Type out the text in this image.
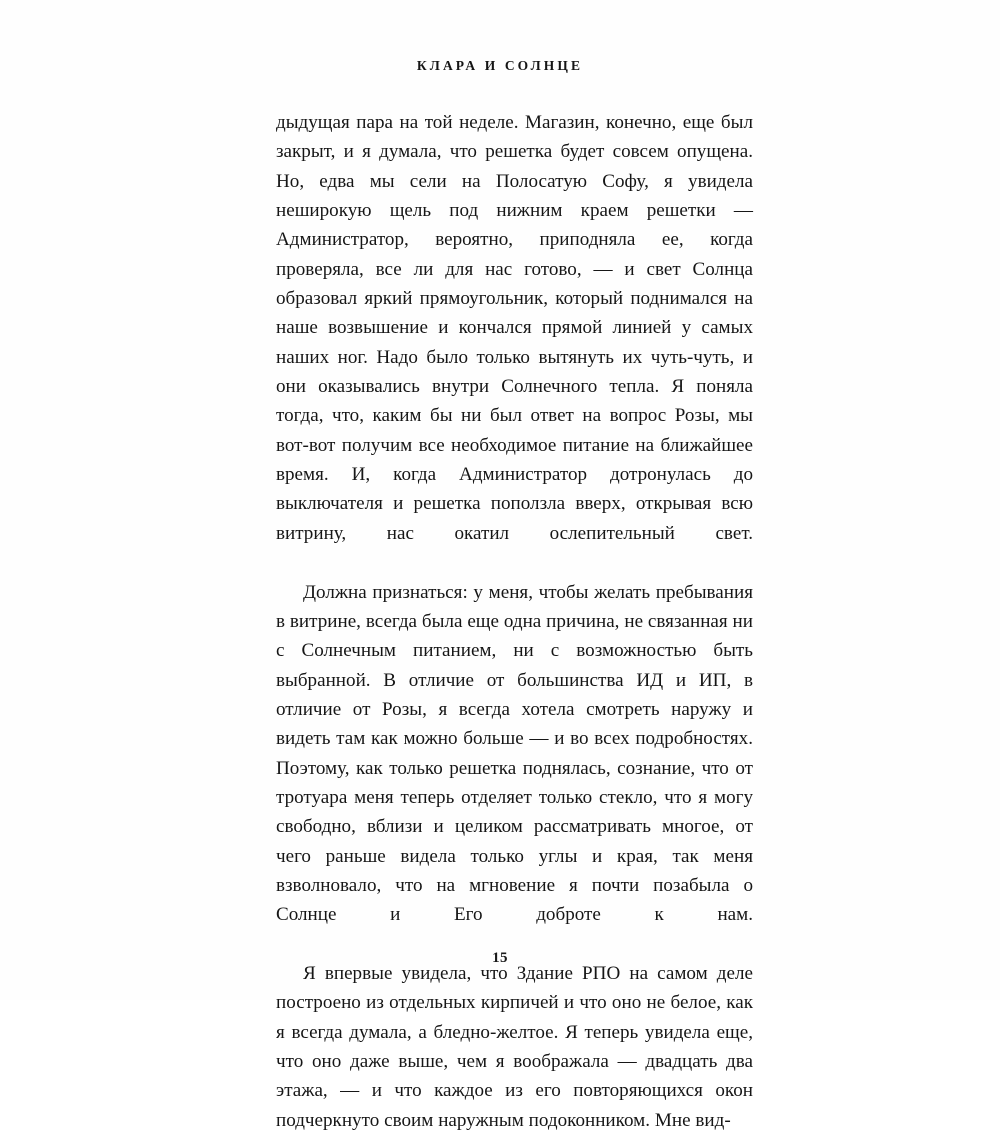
КЛАРА И СОЛНЦЕ

дыдущая пара на той неделе. Магазин, конечно, еще был закрыт, и я думала, что решетка будет совсем опущена. Но, едва мы сели на Полосатую Софу, я увидела неширокую щель под нижним краем решетки — Администратор, вероятно, приподняла ее, когда проверяла, все ли для нас готово, — и свет Солнца образовал яркий прямоугольник, который поднимался на наше возвышение и кончался прямой линией у самых наших ног. Надо было только вытянуть их чуть-чуть, и они оказывались внутри Солнечного тепла. Я поняла тогда, что, каким бы ни был ответ на вопрос Розы, мы вот-вот получим все необходимое питание на ближайшее время. И, когда Администратор дотронулась до выключателя и решетка поползла вверх, открывая всю витрину, нас окатил ослепительный свет.

Должна признаться: у меня, чтобы желать пребывания в витрине, всегда была еще одна причина, не связанная ни с Солнечным питанием, ни с возможностью быть выбранной. В отличие от большинства ИД и ИП, в отличие от Розы, я всегда хотела смотреть наружу и видеть там как можно больше — и во всех подробностях. Поэтому, как только решетка поднялась, сознание, что от тротуара меня теперь отделяет только стекло, что я могу свободно, вблизи и целиком рассматривать многое, от чего раньше видела только углы и края, так меня взволновало, что на мгновение я почти позабыла о Солнце и Его доброте к нам.

Я впервые увидела, что Здание РПО на самом деле построено из отдельных кирпичей и что оно не белое, как я всегда думала, а бледно-желтое. Я теперь увидела еще, что оно даже выше, чем я воображала — двадцать два этажа, — и что каждое из его повторяющихся окон подчеркнуто своим наружным подоконником. Мне вид-

15
